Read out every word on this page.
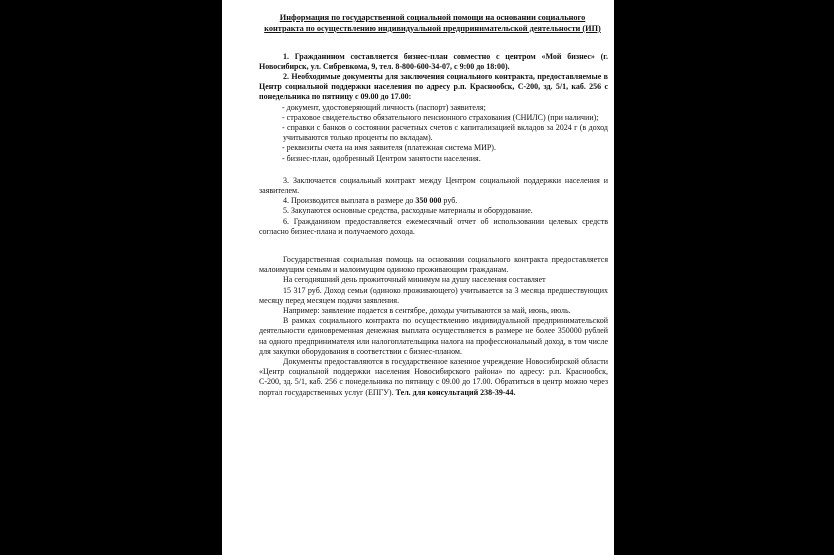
Информация по государственной социальной помощи на основании социального контракта по осуществлению индивидуальной предпринимательской деятельности (ИП)

1. Гражданином составляется бизнес-план совместно с центром «Мой бизнес» (г. Новосибирск, ул. Сибревкома, 9, тел. 8-800-600-34-07, с 9:00 до 18:00).

2. Необходимые документы для заключения социального контракта, предоставляемые в Центр социальной поддержки населения по адресу р.п. Краснообск, С-200, зд. 5/1, каб. 256 с понедельника по пятницу с 09.00 до 17.00:

- документ, удостоверяющий личность (паспорт) заявителя;

- страховое свидетельство обязательного пенсионного страхования (СНИЛС) (при наличии);

- справки с банков о состоянии расчетных счетов с капитализацией вкладов за 2024 г (в доход учитываются только проценты по вкладам).

- реквизиты счета на имя заявителя (платежная система МИР).

- бизнес-план, одобренный Центром занятости населения.

3. Заключается социальный контракт между Центром социальной поддержки населения и заявителем.

4. Производится выплата в размере до 350 000 руб.

5. Закупаются основные средства, расходные материалы и оборудование.

6. Гражданином предоставляется ежемесячный отчет об использовании целевых средств согласно бизнес-плана и получаемого дохода.

Государственная социальная помощь на основании социального контракта предоставляется малоимущим семьям и малоимущим одиноко проживающим гражданам.

На сегодняшний день прожиточный минимум на душу населения составляет

15 317 руб. Доход семьи (одиноко проживающего) учитывается за 3 месяца предшествующих месяцу перед месяцем подачи заявления.

Например: заявление подается в сентябре, доходы учитываются за май, июнь, июль.

В рамках социального контракта по осуществлению индивидуальной предпринимательской деятельности единовременная денежная выплата осуществляется в размере не более 350000 рублей на одного предпринимателя или налогоплательщика налога на профессиональный доход, в том числе для закупки оборудования в соответствии с бизнес-планом.

Документы предоставляются в государственное казенное учреждение Новосибирской области «Центр социальной поддержки населения Новосибирского района» по адресу: р.п. Краснообск, С-200, зд. 5/1, каб. 256 с понедельника по пятницу с 09.00 до 17.00. Обратиться в центр можно через портал государственных услуг (ЕПГУ). Тел. для консультаций 238-39-44.
